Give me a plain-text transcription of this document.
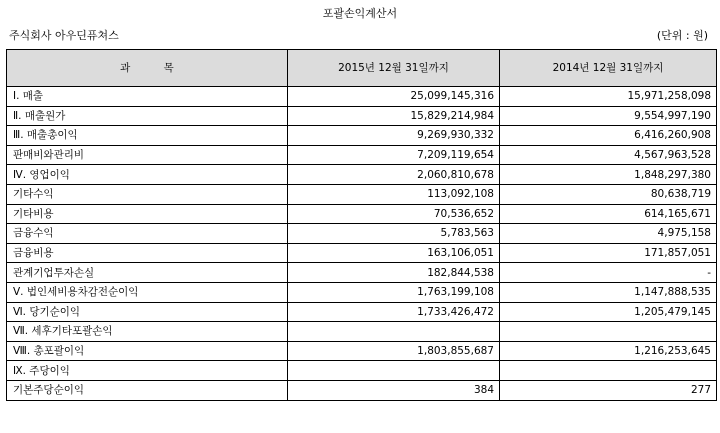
포괄손익계산서
주식회사 아우딘퓨쳐스	(단위 : 원)
과          목	2015년 12월 31일까지	2014년 12월 31일까지
Ⅰ. 매출	25,099,145,316	15,971,258,098
Ⅱ. 매출원가	15,829,214,984	9,554,997,190
Ⅲ. 매출총이익	9,269,930,332	6,416,260,908
판매비와관리비	7,209,119,654	4,567,963,528
Ⅳ. 영업이익	2,060,810,678	1,848,297,380
기타수익	113,092,108	80,638,719
기타비용	70,536,652	614,165,671
금융수익	5,783,563	4,975,158
금융비용	163,106,051	171,857,051
관계기업투자손실	182,844,538	-
Ⅴ. 법인세비용차감전순이익	1,763,199,108	1,147,888,535
Ⅵ. 당기순이익	1,733,426,472	1,205,479,145
Ⅶ. 세후기타포괄손익		
Ⅷ. 총포괄이익	1,803,855,687	1,216,253,645
Ⅸ. 주당이익		
기본주당순이익	384	277
